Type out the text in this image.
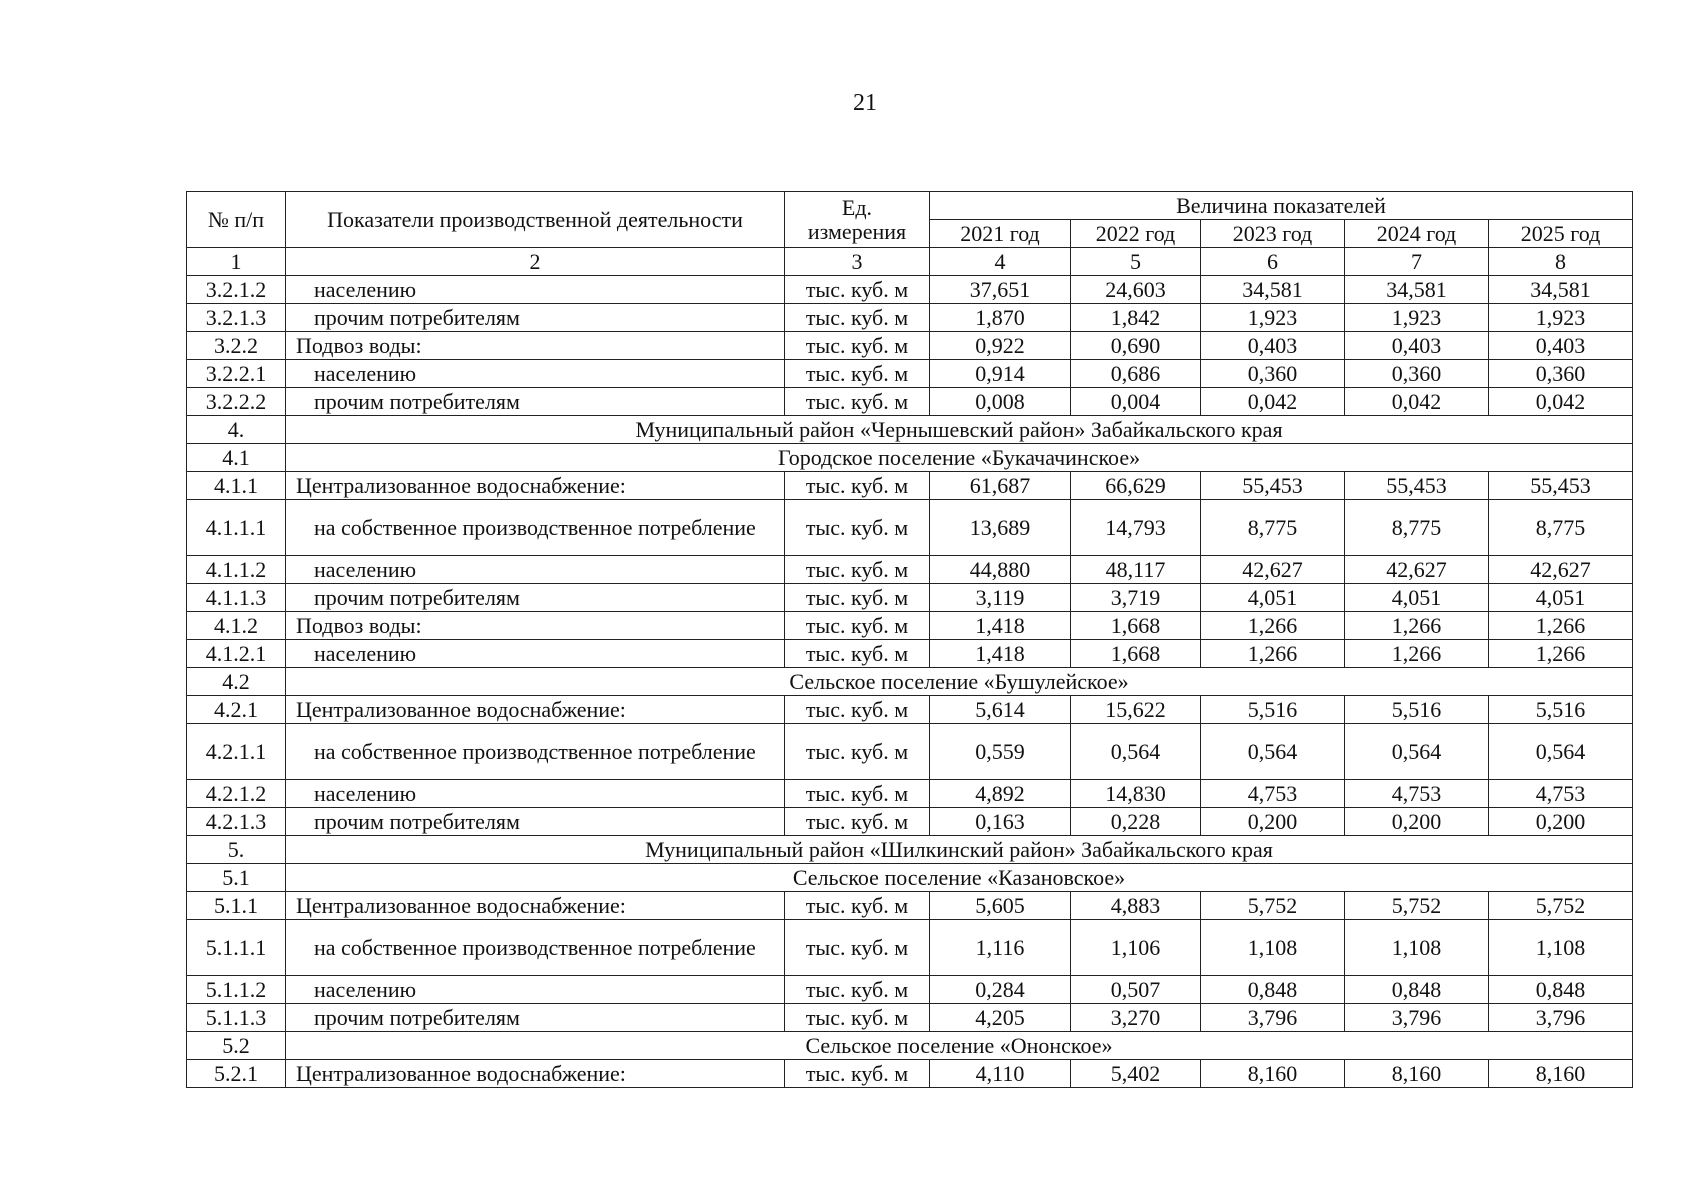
21
№ п/п	Показатели производственной деятельности	Ед. измерения	Величина показателей				
			2021 год	2022 год	2023 год	2024 год	2025 год
1	2	3	4	5	6	7	8
3.2.1.2	населению	тыс. куб. м	37,651	24,603	34,581	34,581	34,581
3.2.1.3	прочим потребителям	тыс. куб. м	1,870	1,842	1,923	1,923	1,923
3.2.2	Подвоз воды:	тыс. куб. м	0,922	0,690	0,403	0,403	0,403
3.2.2.1	населению	тыс. куб. м	0,914	0,686	0,360	0,360	0,360
3.2.2.2	прочим потребителям	тыс. куб. м	0,008	0,004	0,042	0,042	0,042
4.	Муниципальный район «Чернышевский район» Забайкальского края						
4.1	Городское поселение «Букачачинское»						
4.1.1	Централизованное водоснабжение:	тыс. куб. м	61,687	66,629	55,453	55,453	55,453
4.1.1.1	на собственное производственное потребление	тыс. куб. м	13,689	14,793	8,775	8,775	8,775
4.1.1.2	населению	тыс. куб. м	44,880	48,117	42,627	42,627	42,627
4.1.1.3	прочим потребителям	тыс. куб. м	3,119	3,719	4,051	4,051	4,051
4.1.2	Подвоз воды:	тыс. куб. м	1,418	1,668	1,266	1,266	1,266
4.1.2.1	населению	тыс. куб. м	1,418	1,668	1,266	1,266	1,266
4.2	Сельское поселение «Бушулейское»						
4.2.1	Централизованное водоснабжение:	тыс. куб. м	5,614	15,622	5,516	5,516	5,516
4.2.1.1	на собственное производственное потребление	тыс. куб. м	0,559	0,564	0,564	0,564	0,564
4.2.1.2	населению	тыс. куб. м	4,892	14,830	4,753	4,753	4,753
4.2.1.3	прочим потребителям	тыс. куб. м	0,163	0,228	0,200	0,200	0,200
5.	Муниципальный район «Шилкинский район» Забайкальского края						
5.1	Сельское поселение «Казановское»						
5.1.1	Централизованное водоснабжение:	тыс. куб. м	5,605	4,883	5,752	5,752	5,752
5.1.1.1	на собственное производственное потребление	тыс. куб. м	1,116	1,106	1,108	1,108	1,108
5.1.1.2	населению	тыс. куб. м	0,284	0,507	0,848	0,848	0,848
5.1.1.3	прочим потребителям	тыс. куб. м	4,205	3,270	3,796	3,796	3,796
5.2	Сельское поселение «Ононское»						
5.2.1	Централизованное водоснабжение:	тыс. куб. м	4,110	5,402	8,160	8,160	8,160
